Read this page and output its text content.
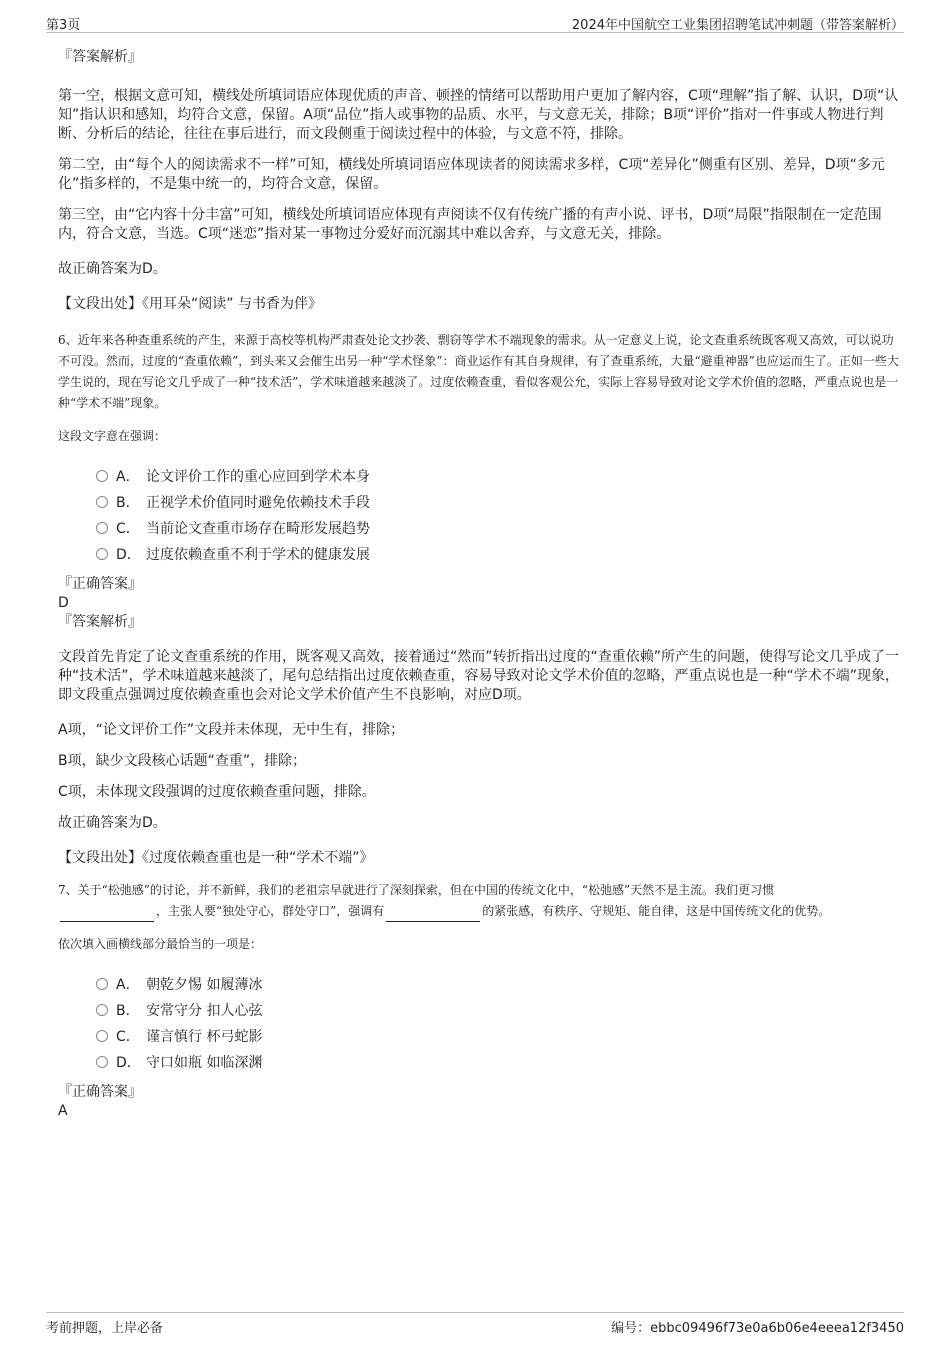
第3页	2024年中国航空工业集团招聘笔试冲刺题（带答案解析）

『答案解析』

第一空，根据文意可知，横线处所填词语应体现优质的声音、顿挫的情绪可以帮助用户更加了解内容，C项“理解”指了解、认识，D项“认知”指认识和感知，均符合文意，保留。A项“品位”指人或事物的品质、水平，与文意无关，排除；B项“评价”指对一件事或人物进行判断、分析后的结论，往往在事后进行，而文段侧重于阅读过程中的体验，与文意不符，排除。

第二空，由“每个人的阅读需求不一样”可知，横线处所填词语应体现读者的阅读需求多样，C项“差异化”侧重有区别、差异，D项“多元化”指多样的，不是集中统一的，均符合文意，保留。

第三空，由“它内容十分丰富”可知，横线处所填词语应体现有声阅读不仅有传统广播的有声小说、评书，D项“局限”指限制在一定范围内，符合文意，当选。C项“迷恋”指对某一事物过分爱好而沉溺其中难以舍弃，与文意无关，排除。

故正确答案为D。

【文段出处】《用耳朵“阅读” 与书香为伴》

6、近年来各种查重系统的产生，来源于高校等机构严肃查处论文抄袭、剽窃等学术不端现象的需求。从一定意义上说，论文查重系统既客观又高效，可以说功不可没。然而，过度的“查重依赖”，到头来又会催生出另一种“学术怪象”：商业运作有其自身规律，有了查重系统，大量“避重神器”也应运而生了。正如一些大学生说的，现在写论文几乎成了一种“技术活”，学术味道越来越淡了。过度依赖查重，看似客观公允，实际上容易导致对论文学术价值的忽略，严重点说也是一种“学术不端”现象。

这段文字意在强调：

A． 论文评价工作的重心应回到学术本身
B． 正视学术价值同时避免依赖技术手段
C． 当前论文查重市场存在畸形发展趋势
D． 过度依赖查重不利于学术的健康发展

『正确答案』

D

『答案解析』

文段首先肯定了论文查重系统的作用，既客观又高效，接着通过“然而”转折指出过度的“查重依赖”所产生的问题，使得写论文几乎成了一种“技术活”，学术味道越来越淡了，尾句总结指出过度依赖查重，容易导致对论文学术价值的忽略，严重点说也是一种“学术不端”现象，即文段重点强调过度依赖查重也会对论文学术价值产生不良影响，对应D项。

A项，“论文评价工作”文段并未体现，无中生有，排除；

B项，缺少文段核心话题“查重”，排除；

C项，未体现文段强调的过度依赖查重问题，排除。

故正确答案为D。

【文段出处】《过度依赖查重也是一种“学术不端”》

7、关于“松弛感”的讨论，并不新鲜，我们的老祖宗早就进行了深刻探索，但在中国的传统文化中，“松弛感”天然不是主流。我们更习惯
，主张人要“独处守心，群处守口”，强调有	的紧张感，有秩序、守规矩、能自律，这是中国传统文化的优势。

依次填入画横线部分最恰当的一项是：

A． 朝乾夕惕 如履薄冰
B． 安常守分 扣人心弦
C． 谨言慎行 杯弓蛇影
D． 守口如瓶 如临深渊

『正确答案』

A

考前押题，上岸必备	编号：ebbc09496f73e0a6b06e4eeea12f3450
